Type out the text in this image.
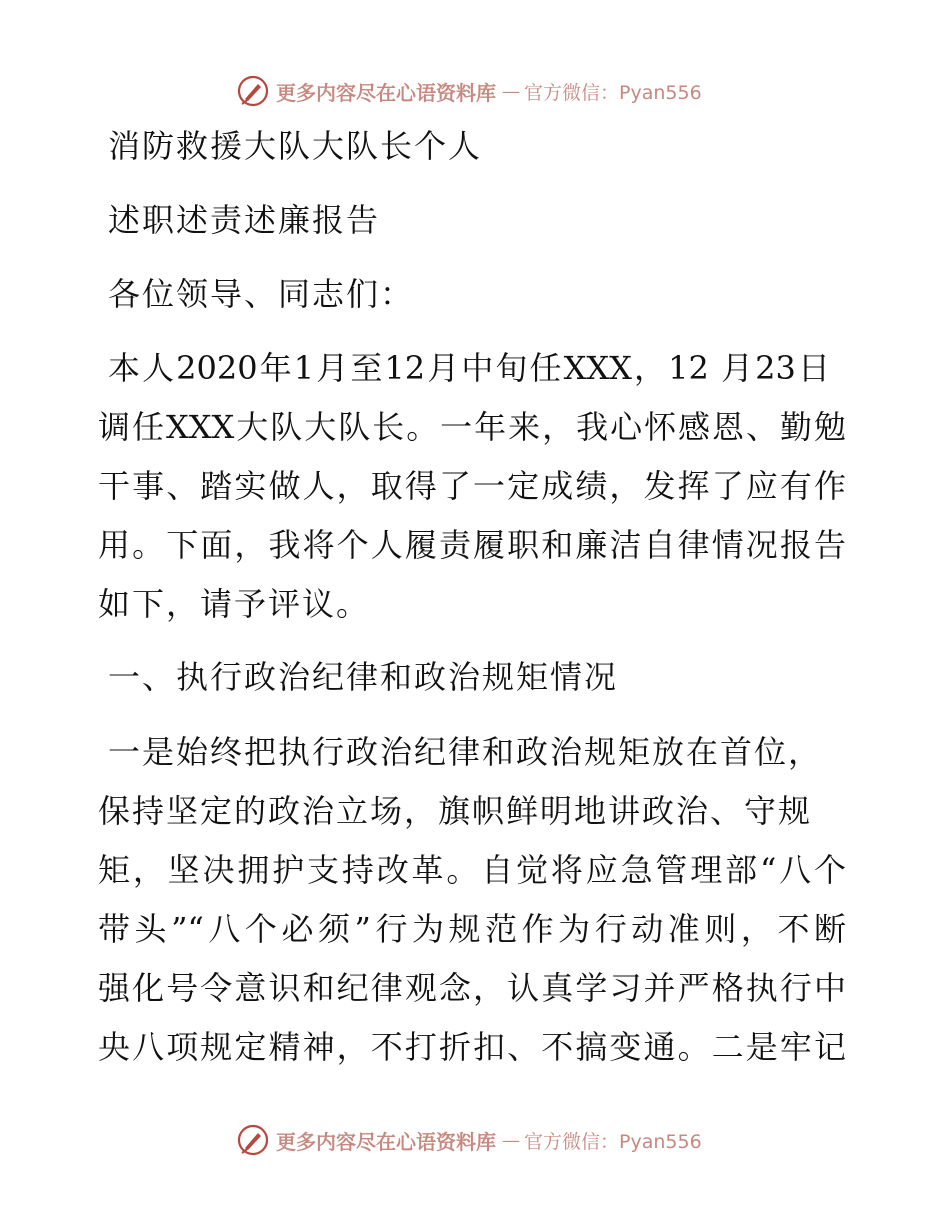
更多内容尽在心语资料库 — 官方微信：Pyan556
消防救援大队大队长个人
述职述责述廉报告
各位领导、同志们：
本人2020年1月至12月中旬任XXX，12 月23日
调任XXX大队大队长。一年来，我心怀感恩、勤勉
干事、踏实做人，取得了一定成绩，发挥了应有作
用。下面，我将个人履责履职和廉洁自律情况报告
如下，请予评议。
一、执行政治纪律和政治规矩情况
一是始终把执行政治纪律和政治规矩放在首位，
保持坚定的政治立场，旗帜鲜明地讲政治、守规
矩，坚决拥护支持改革。自觉将应急管理部“八个
带头”“八个必须”行为规范作为行动准则，不断
强化号令意识和纪律观念，认真学习并严格执行中
央八项规定精神，不打折扣、不搞变通。二是牢记
更多内容尽在心语资料库 — 官方微信：Pyan556
